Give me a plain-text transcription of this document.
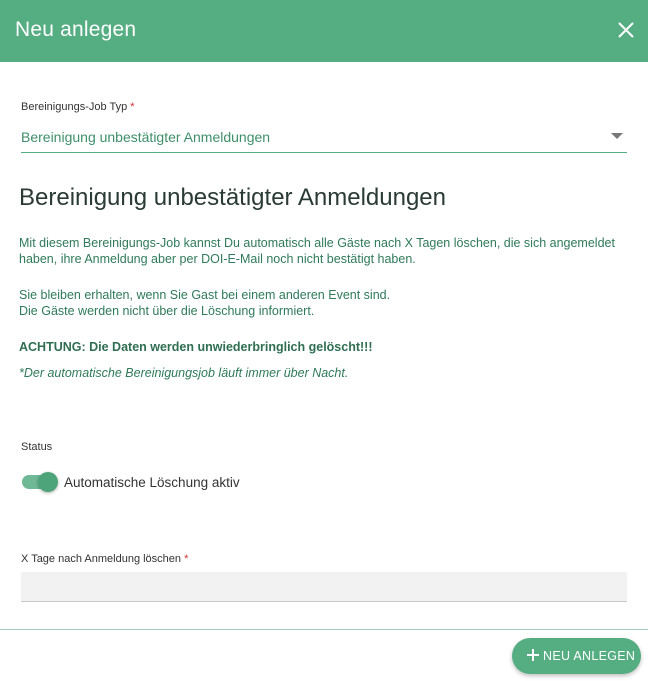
Neu anlegen
Bereinigungs-Job Typ *
Bereinigung unbestätigter Anmeldungen
Bereinigung unbestätigter Anmeldungen
Mit diesem Bereinigungs-Job kannst Du automatisch alle Gäste nach X Tagen löschen, die sich angemeldet
haben, ihre Anmeldung aber per DOI-E-Mail noch nicht bestätigt haben.
Sie bleiben erhalten, wenn Sie Gast bei einem anderen Event sind.
Die Gäste werden nicht über die Löschung informiert.
ACHTUNG: Die Daten werden unwiederbringlich gelöscht!!!
*Der automatische Bereinigungsjob läuft immer über Nacht.
Status
Automatische Löschung aktiv
X Tage nach Anmeldung löschen *
NEU ANLEGEN
